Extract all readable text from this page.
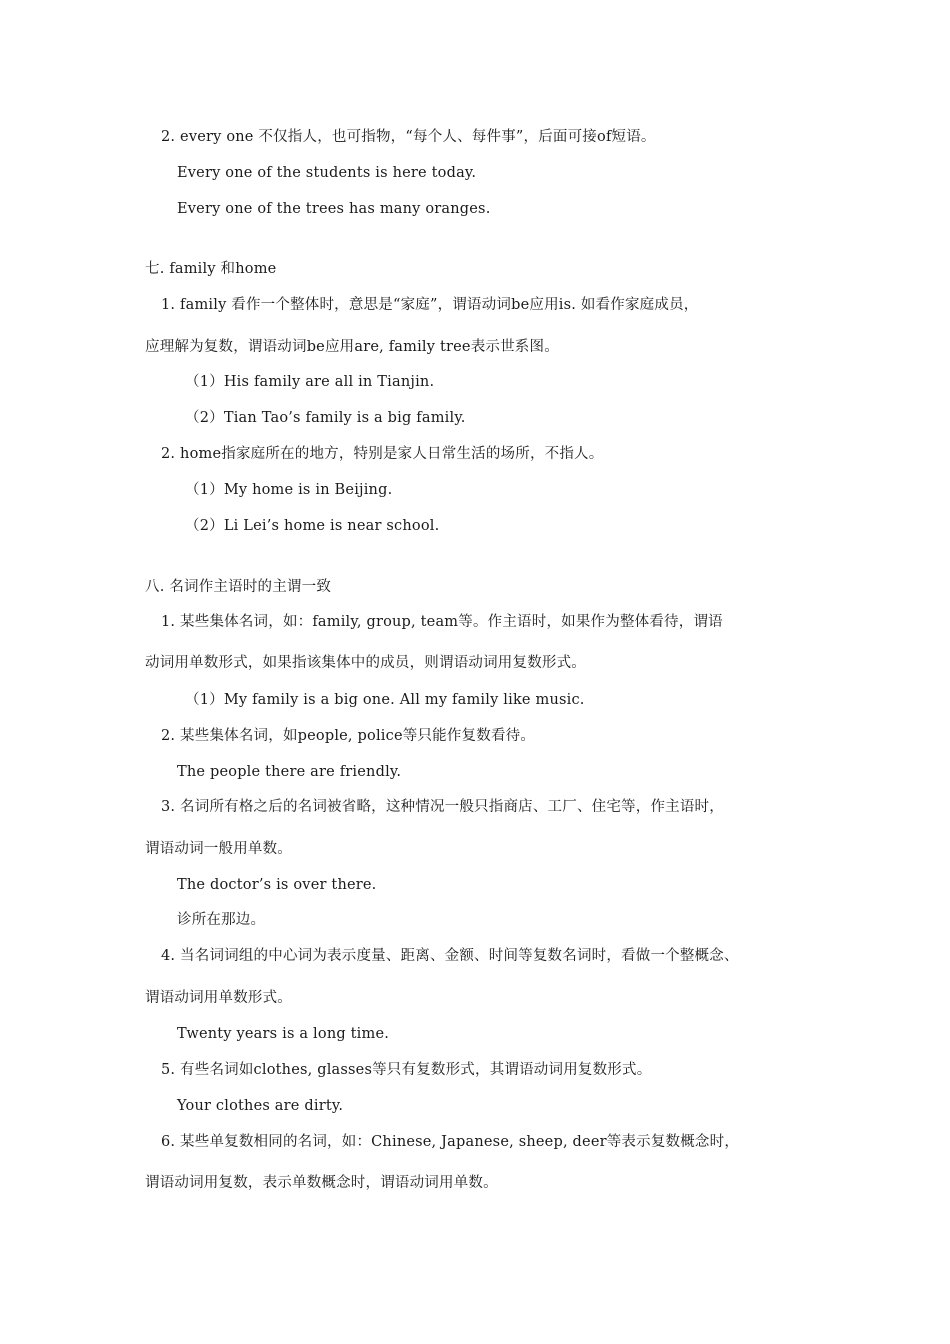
2. every one 不仅指人，也可指物，“每个人、每件事”，后面可接of短语。
Every one of the students is here today.
Every one of the trees has many oranges.
七. family 和home
1. family 看作一个整体时，意思是“家庭”，谓语动词be应用is. 如看作家庭成员，
应理解为复数，谓语动词be应用are, family tree表示世系图。
（1）His family are all in Tianjin.
（2）Tian Tao’s family is a big family.
2. home指家庭所在的地方，特别是家人日常生活的场所，不指人。
（1）My home is in Beijing.
（2）Li Lei’s home is near school.
八. 名词作主语时的主谓一致
1. 某些集体名词，如：family, group, team等。作主语时，如果作为整体看待，谓语
动词用单数形式，如果指该集体中的成员，则谓语动词用复数形式。
（1）My family is a big one. All my family like music.
2. 某些集体名词，如people, police等只能作复数看待。
The people there are friendly.
3. 名词所有格之后的名词被省略，这种情况一般只指商店、工厂、住宅等，作主语时，
谓语动词一般用单数。
The doctor’s is over there.
诊所在那边。
4. 当名词词组的中心词为表示度量、距离、金额、时间等复数名词时，看做一个整概念、
谓语动词用单数形式。
Twenty years is a long time.
5. 有些名词如clothes, glasses等只有复数形式，其谓语动词用复数形式。
Your clothes are dirty.
6. 某些单复数相同的名词，如：Chinese, Japanese, sheep, deer等表示复数概念时，
谓语动词用复数，表示单数概念时，谓语动词用单数。
